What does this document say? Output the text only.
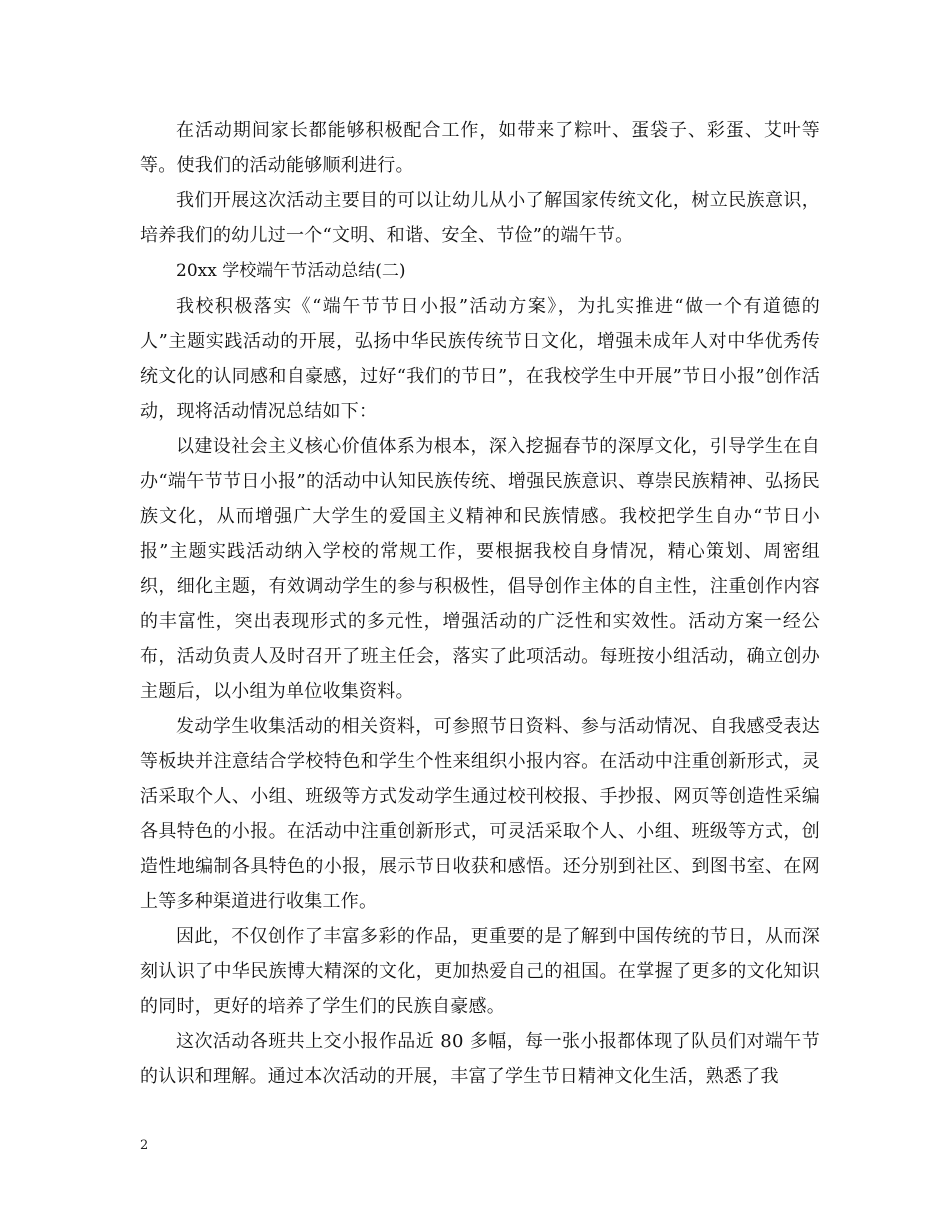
在活动期间家长都能够积极配合工作，如带来了粽叶、蛋袋子、彩蛋、艾叶等等。使我们的活动能够顺利进行。

我们开展这次活动主要目的可以让幼儿从小了解国家传统文化，树立民族意识，培养我们的幼儿过一个“文明、和谐、安全、节俭”的端午节。

20xx 学校端午节活动总结(二)

我校积极落实《“端午节节日小报”活动方案》，为扎实推进“做一个有道德的人”主题实践活动的开展，弘扬中华民族传统节日文化，增强未成年人对中华优秀传统文化的认同感和自豪感，过好“我们的节日”，在我校学生中开展”节日小报”创作活动，现将活动情况总结如下：

以建设社会主义核心价值体系为根本，深入挖掘春节的深厚文化，引导学生在自办“端午节节日小报”的活动中认知民族传统、增强民族意识、尊崇民族精神、弘扬民族文化，从而增强广大学生的爱国主义精神和民族情感。我校把学生自办“节日小报”主题实践活动纳入学校的常规工作，要根据我校自身情况，精心策划、周密组织，细化主题，有效调动学生的参与积极性，倡导创作主体的自主性，注重创作内容的丰富性，突出表现形式的多元性，增强活动的广泛性和实效性。活动方案一经公布，活动负责人及时召开了班主任会，落实了此项活动。每班按小组活动，确立创办主题后，以小组为单位收集资料。

发动学生收集活动的相关资料，可参照节日资料、参与活动情况、自我感受表达等板块并注意结合学校特色和学生个性来组织小报内容。在活动中注重创新形式，灵活采取个人、小组、班级等方式发动学生通过校刊校报、手抄报、网页等创造性采编各具特色的小报。在活动中注重创新形式，可灵活采取个人、小组、班级等方式，创造性地编制各具特色的小报，展示节日收获和感悟。还分别到社区、到图书室、在网上等多种渠道进行收集工作。

因此，不仅创作了丰富多彩的作品，更重要的是了解到中国传统的节日，从而深刻认识了中华民族博大精深的文化，更加热爱自己的祖国。在掌握了更多的文化知识的同时，更好的培养了学生们的民族自豪感。

这次活动各班共上交小报作品近 80 多幅，每一张小报都体现了队员们对端午节的认识和理解。通过本次活动的开展，丰富了学生节日精神文化生活，熟悉了我

2
